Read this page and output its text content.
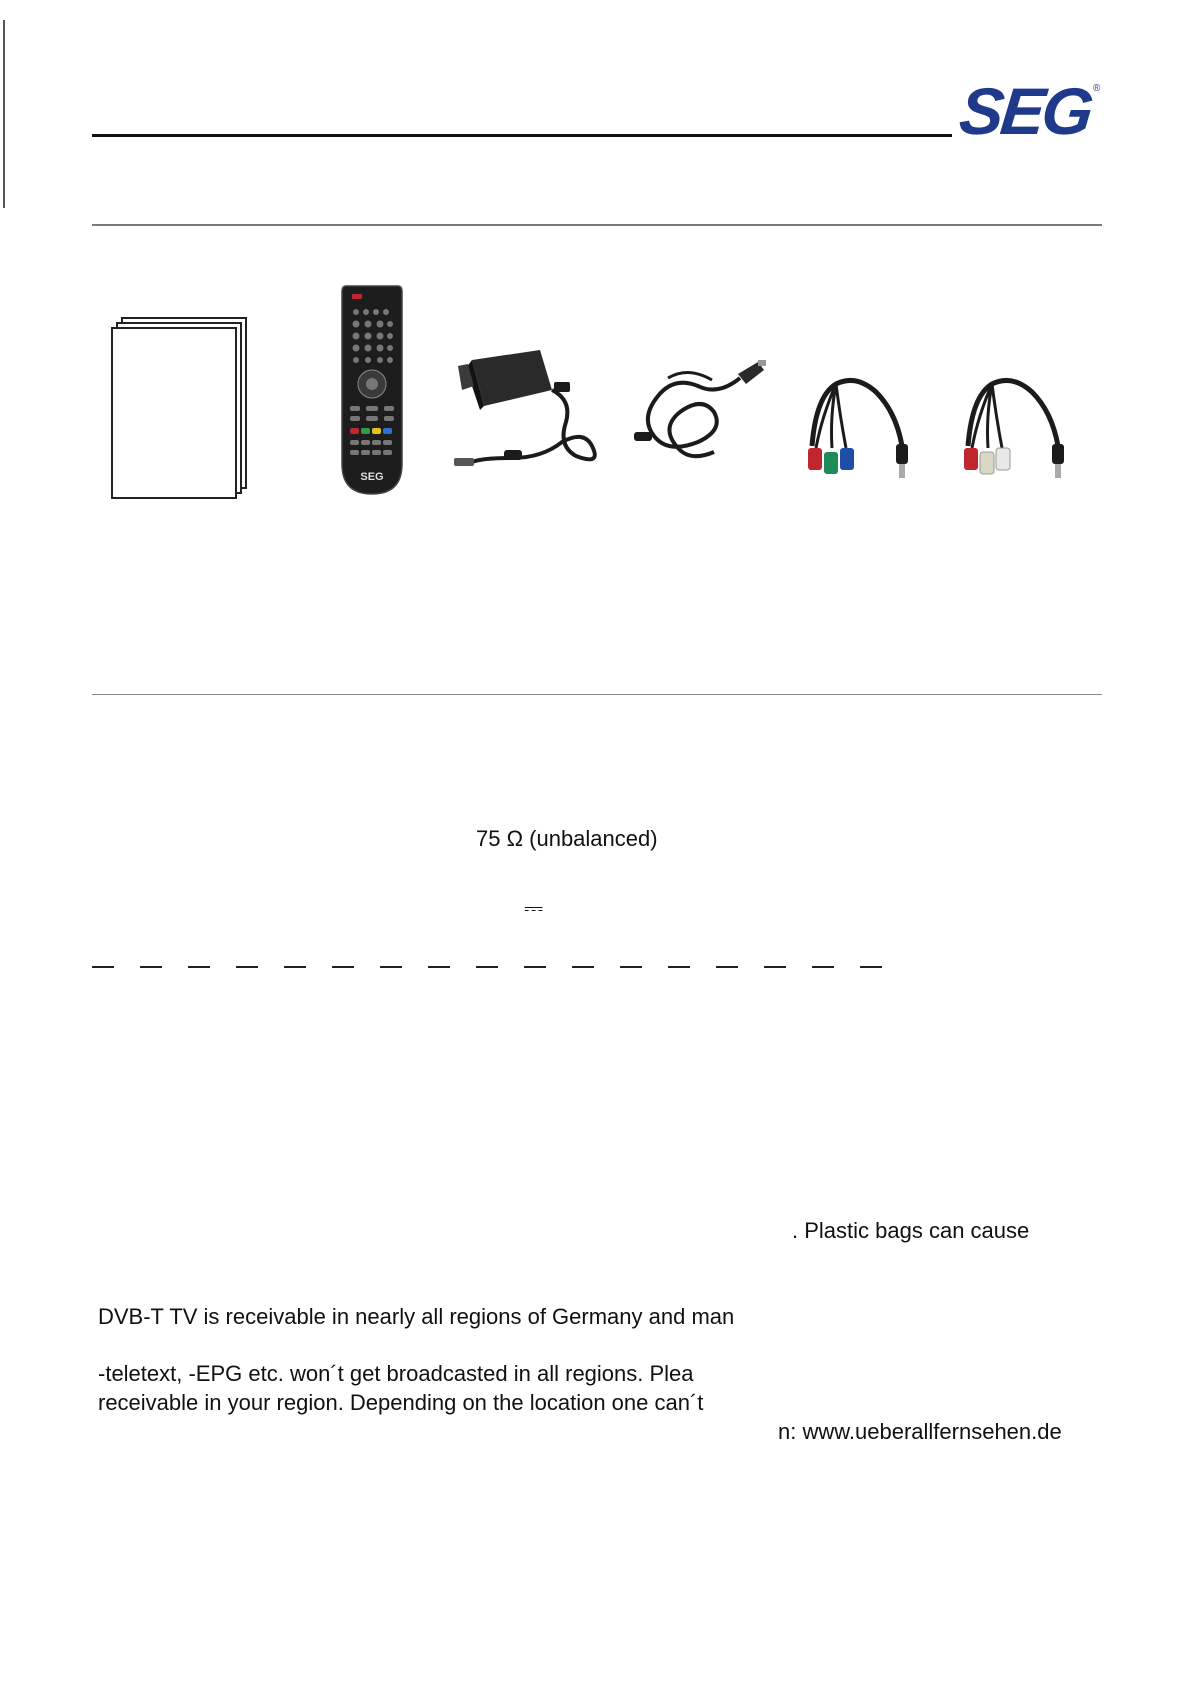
SEG
®
SEG
75 Ω (unbalanced)
⎓
. Plastic bags can cause
DVB-T TV is receivable in nearly all regions of Germany and man
-teletext, -EPG etc. won´t get broadcasted in all regions. Plea
receivable in your region. Depending on the location one can´t
n: www.ueberallfernsehen.de
